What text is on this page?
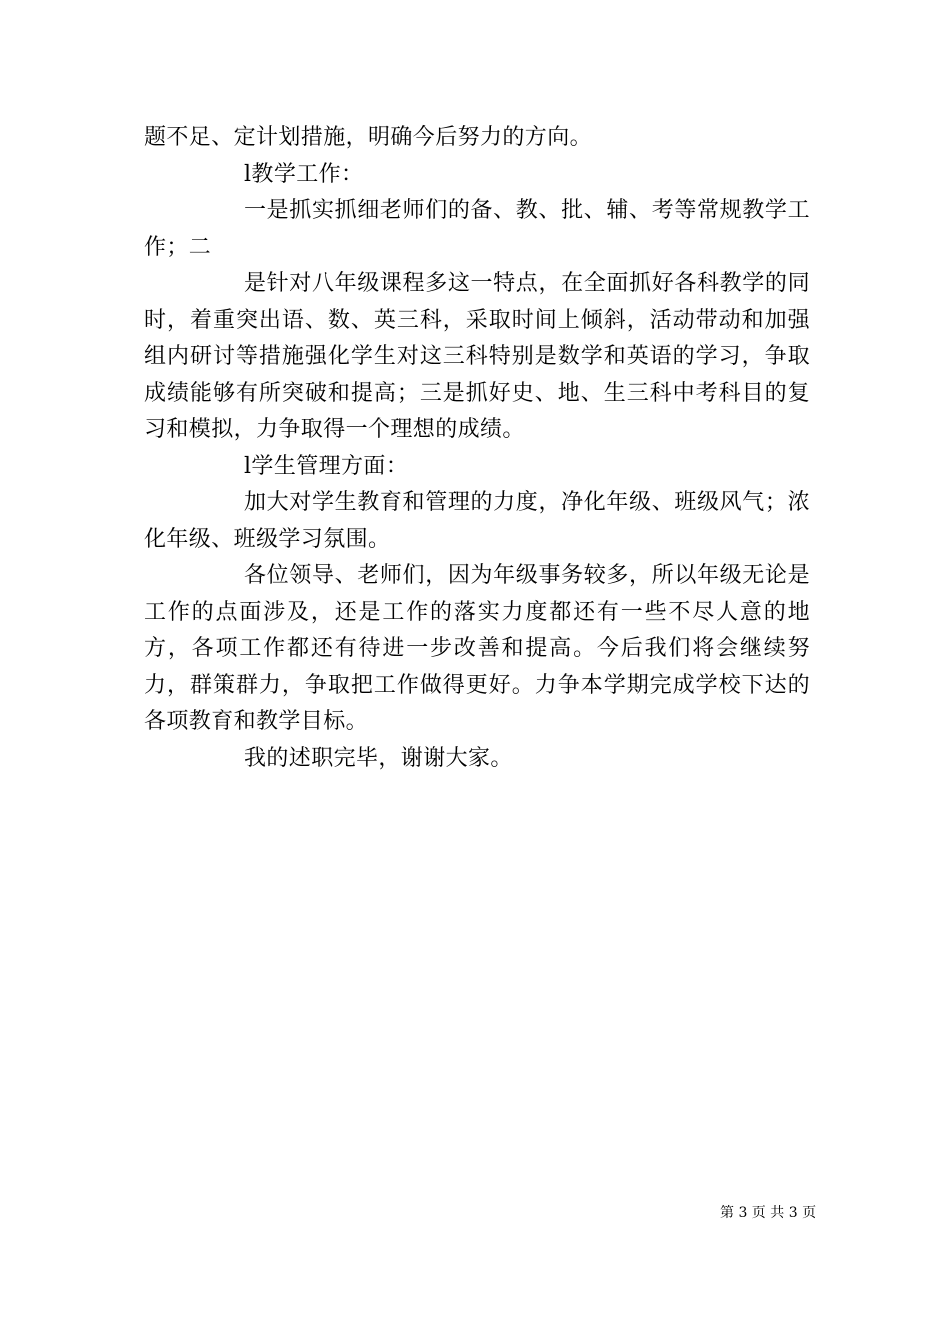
题不足、定计划措施，明确今后努力的方向。

l教学工作：

一是抓实抓细老师们的备、教、批、辅、考等常规教学工作；二

是针对八年级课程多这一特点，在全面抓好各科教学的同时，着重突出语、数、英三科，采取时间上倾斜，活动带动和加强组内研讨等措施强化学生对这三科特别是数学和英语的学习，争取成绩能够有所突破和提高；三是抓好史、地、生三科中考科目的复习和模拟，力争取得一个理想的成绩。

l学生管理方面：

加大对学生教育和管理的力度，净化年级、班级风气；浓化年级、班级学习氛围。

各位领导、老师们，因为年级事务较多，所以年级无论是工作的点面涉及，还是工作的落实力度都还有一些不尽人意的地方，各项工作都还有待进一步改善和提高。今后我们将会继续努力，群策群力，争取把工作做得更好。力争本学期完成学校下达的各项教育和教学目标。

我的述职完毕，谢谢大家。

第 3 页 共 3 页
